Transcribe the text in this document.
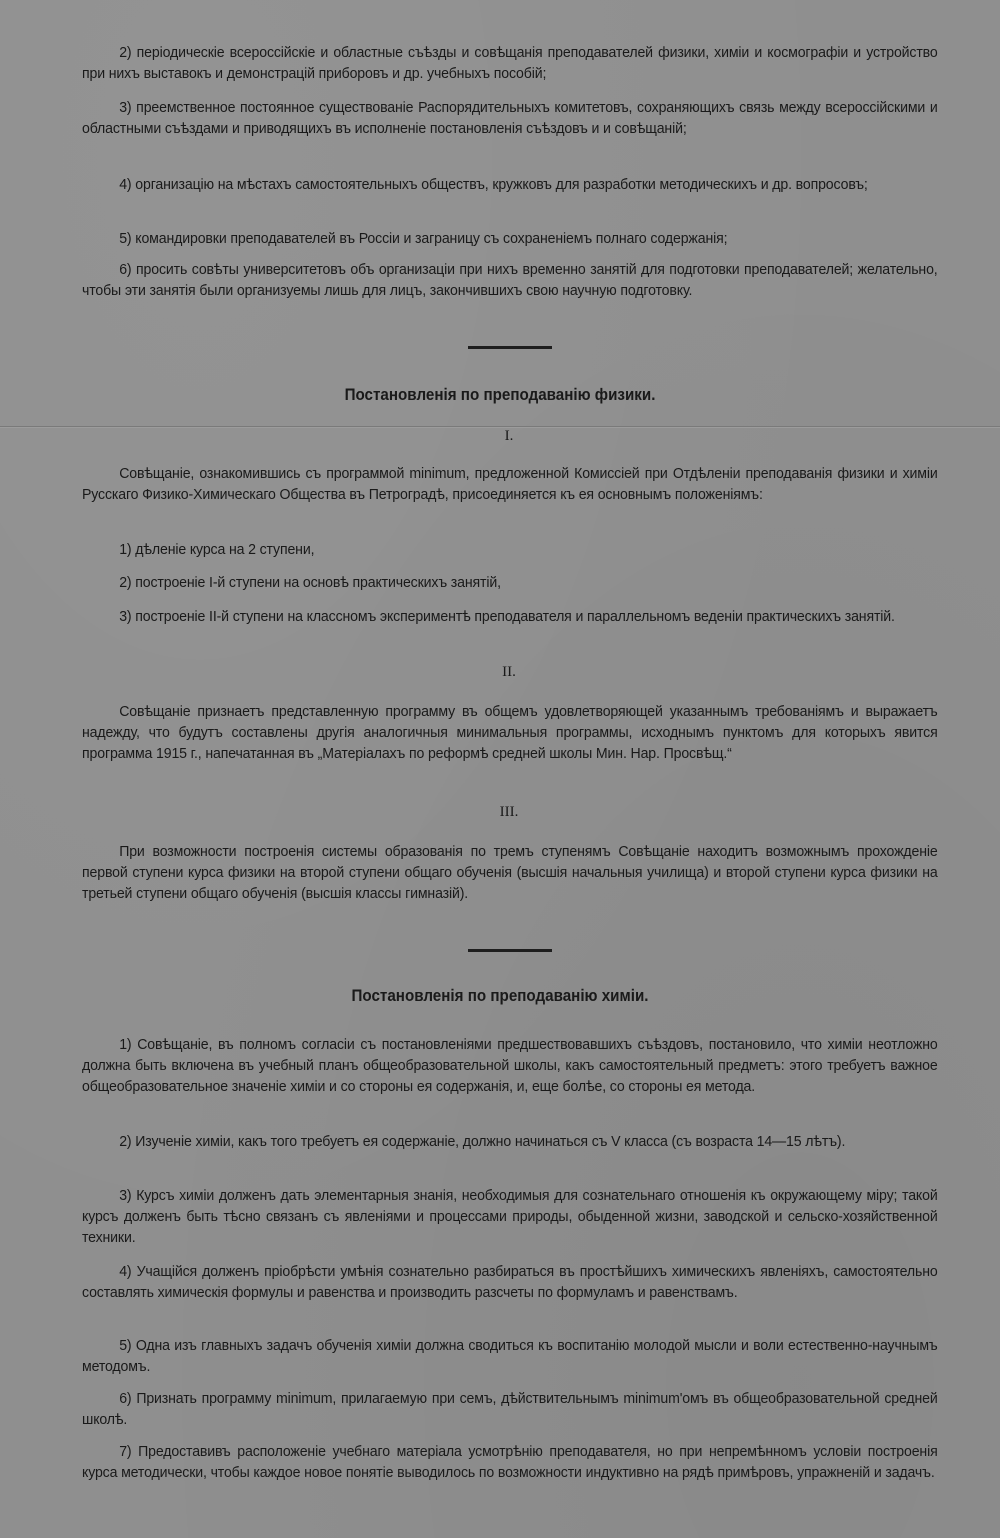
2) періодическіе всероссійскіе и областные съѣзды и совѣщанія преподавателей физики, химіи и космографіи и устройство при нихъ выставокъ и демонстрацій приборовъ и др. учебныхъ пособій;

3) преемственное постоянное существованіе Распорядительныхъ комитетовъ, сохраняющихъ связь между всероссійскими и областными съѣздами и приводящихъ въ исполненіе постановленія съѣздовъ и и совѣщаній;

4) организацію на мѣстахъ самостоятельныхъ обществъ, кружковъ для разработки методическихъ и др. вопросовъ;

5) командировки преподавателей въ Россіи и заграницу съ сохраненіемъ полнаго содержанія;

6) просить совѣты университетовъ объ организаціи при нихъ временно занятій для подготовки преподавателей; желательно, чтобы эти занятія были организуемы лишь для лицъ, закончившихъ свою научную подготовку.

Постановленія по преподаванію физики.
I.

Совѣщаніе, ознакомившись съ программой minimum, предложенной Комиссіей при Отдѣленіи преподаванія физики и химіи Русскаго Физико-Химическаго Общества въ Петроградѣ, присоединяется къ ея основнымъ положеніямъ:

1) дѣленіе курса на 2 ступени,

2) построеніе I-й ступени на основѣ практическихъ занятій,

3) построеніе II-й ступени на классномъ экспериментѣ преподавателя и параллельномъ веденіи практическихъ занятій.

II.

Совѣщаніе признаетъ представленную программу въ общемъ удовлетворяющей указаннымъ требованіямъ и выражаетъ надежду, что будутъ составлены другія аналогичныя минимальныя программы, исходнымъ пунктомъ для которыхъ явится программа 1915 г., напечатанная въ „Матеріалахъ по реформѣ средней школы Мин. Нар. Просвѣщ.“

III.

При возможности построенія системы образованія по тремъ ступенямъ Совѣщаніе находитъ возможнымъ прохожденіе первой ступени курса физики на второй ступени общаго обученія (высшія начальныя училища) и второй ступени курса физики на третьей ступени общаго обученія (высшія классы гимназій).

Постановленія по преподаванію химіи.

1) Совѣщаніе, въ полномъ согласіи съ постановленіями предшествовавшихъ съѣздовъ, постановило, что химіи неотложно должна быть включена въ учебный планъ общеобразовательной школы, какъ самостоятельный предметъ: этого требуетъ важное общеобразовательное значеніе химіи и со стороны ея содержанія, и, еще болѣе, со стороны ея метода.

2) Изученіе химіи, какъ того требуетъ ея содержаніе, должно начинаться съ V класса (съ возраста 14—15 лѣтъ).

3) Курсъ химіи долженъ дать элементарныя знанія, необходимыя для сознательнаго отношенія къ окружающему міру; такой курсъ долженъ быть тѣсно связанъ съ явленіями и процессами природы, обыденной жизни, заводской и сельско-хозяйственной техники.

4) Учащійся долженъ пріобрѣсти умѣнія сознательно разбираться въ простѣйшихъ химическихъ явленіяхъ, самостоятельно составлять химическія формулы и равенства и производить разсчеты по формуламъ и равенствамъ.

5) Одна изъ главныхъ задачъ обученія химіи должна сводиться къ воспитанію молодой мысли и воли естественно-научнымъ методомъ.

6) Признать программу minimum, прилагаемую при семъ, дѣйствительнымъ minimum'омъ въ общеобразовательной средней школѣ.

7) Предоставивъ расположеніе учебнаго матеріала усмотрѣнію преподавателя, но при непремѣнномъ условіи построенія курса методически, чтобы каждое новое понятіе выводилось по возможности индуктивно на рядѣ примѣровъ, упражненій и задачъ.
